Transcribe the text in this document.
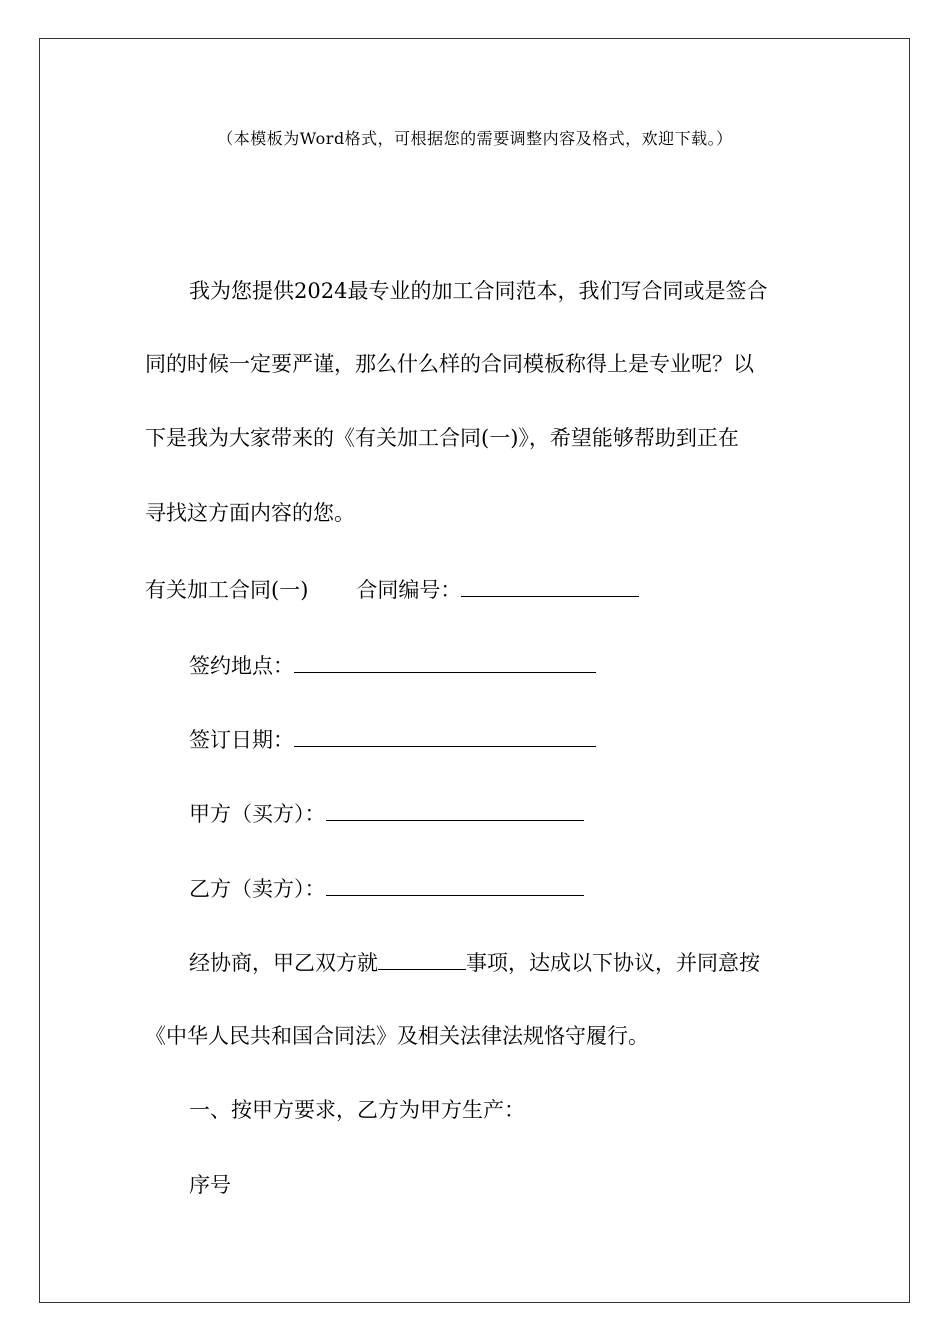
（本模板为Word格式，可根据您的需要调整内容及格式，欢迎下载。）
我为您提供2024最专业的加工合同范本，我们写合同或是签合
同的时候一定要严谨，那么什么样的合同模板称得上是专业呢？以
下是我为大家带来的《有关加工合同(一)》，希望能够帮助到正在
寻找这方面内容的您。
有关加工合同(一) 合同编号：
签约地点：
签订日期：
甲方（买方）：
乙方（卖方）：
经协商，甲乙双方就	事项，达成以下协议，并同意按
《中华人民共和国合同法》及相关法律法规恪守履行。
一、按甲方要求，乙方为甲方生产：
序号
